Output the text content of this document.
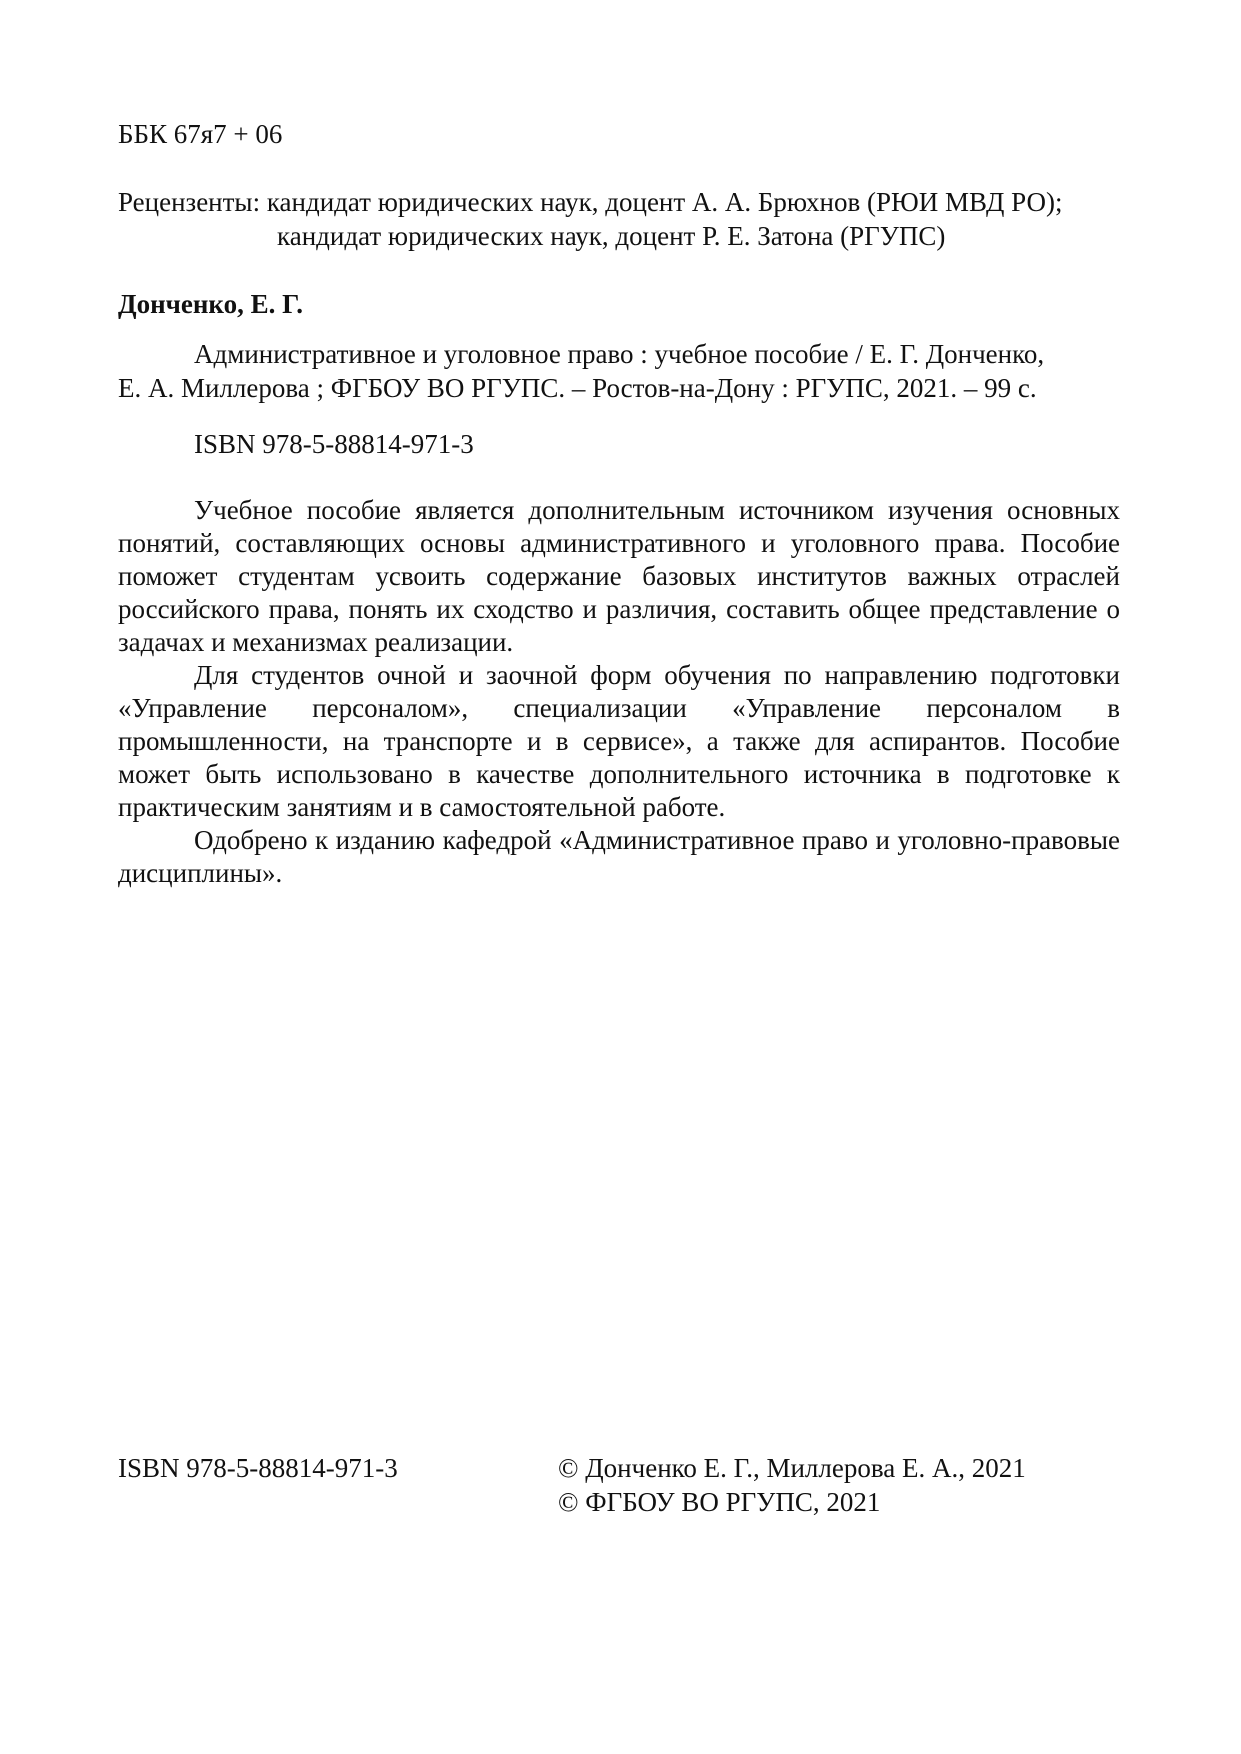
ББК 67я7 + 06
Рецензенты: кандидат юридических наук, доцент А. А. Брюхнов (РЮИ МВД РО);
кандидат юридических наук, доцент Р. Е. Затона (РГУПС)
Донченко, Е. Г.
Административное и уголовное право : учебное пособие / Е. Г. Донченко,
Е. А. Миллерова ; ФГБОУ ВО РГУПС. – Ростов-на-Дону : РГУПС, 2021. – 99 с.
ISBN 978-5-88814-971-3

Учебное пособие является дополнительным источником изучения основных понятий, составляющих основы административного и уголовного права. Пособие поможет студентам усвоить содержание базовых институтов важных отраслей российского права, понять их сходство и различия, составить общее представление о задачах и механизмах реализации.

Для студентов очной и заочной форм обучения по направлению подготовки «Управление персоналом», специализации «Управление персоналом в промышленности, на транспорте и в сервисе», а также для аспирантов. Пособие может быть использовано в качестве дополнительного источника в подготовке к практическим занятиям и в самостоятельной работе.

Одобрено к изданию кафедрой «Административное право и уголовно-правовые дисциплины».

ISBN 978-5-88814-971-3	© Донченко Е. Г., Миллерова Е. А., 2021
© ФГБОУ ВО РГУПС, 2021
